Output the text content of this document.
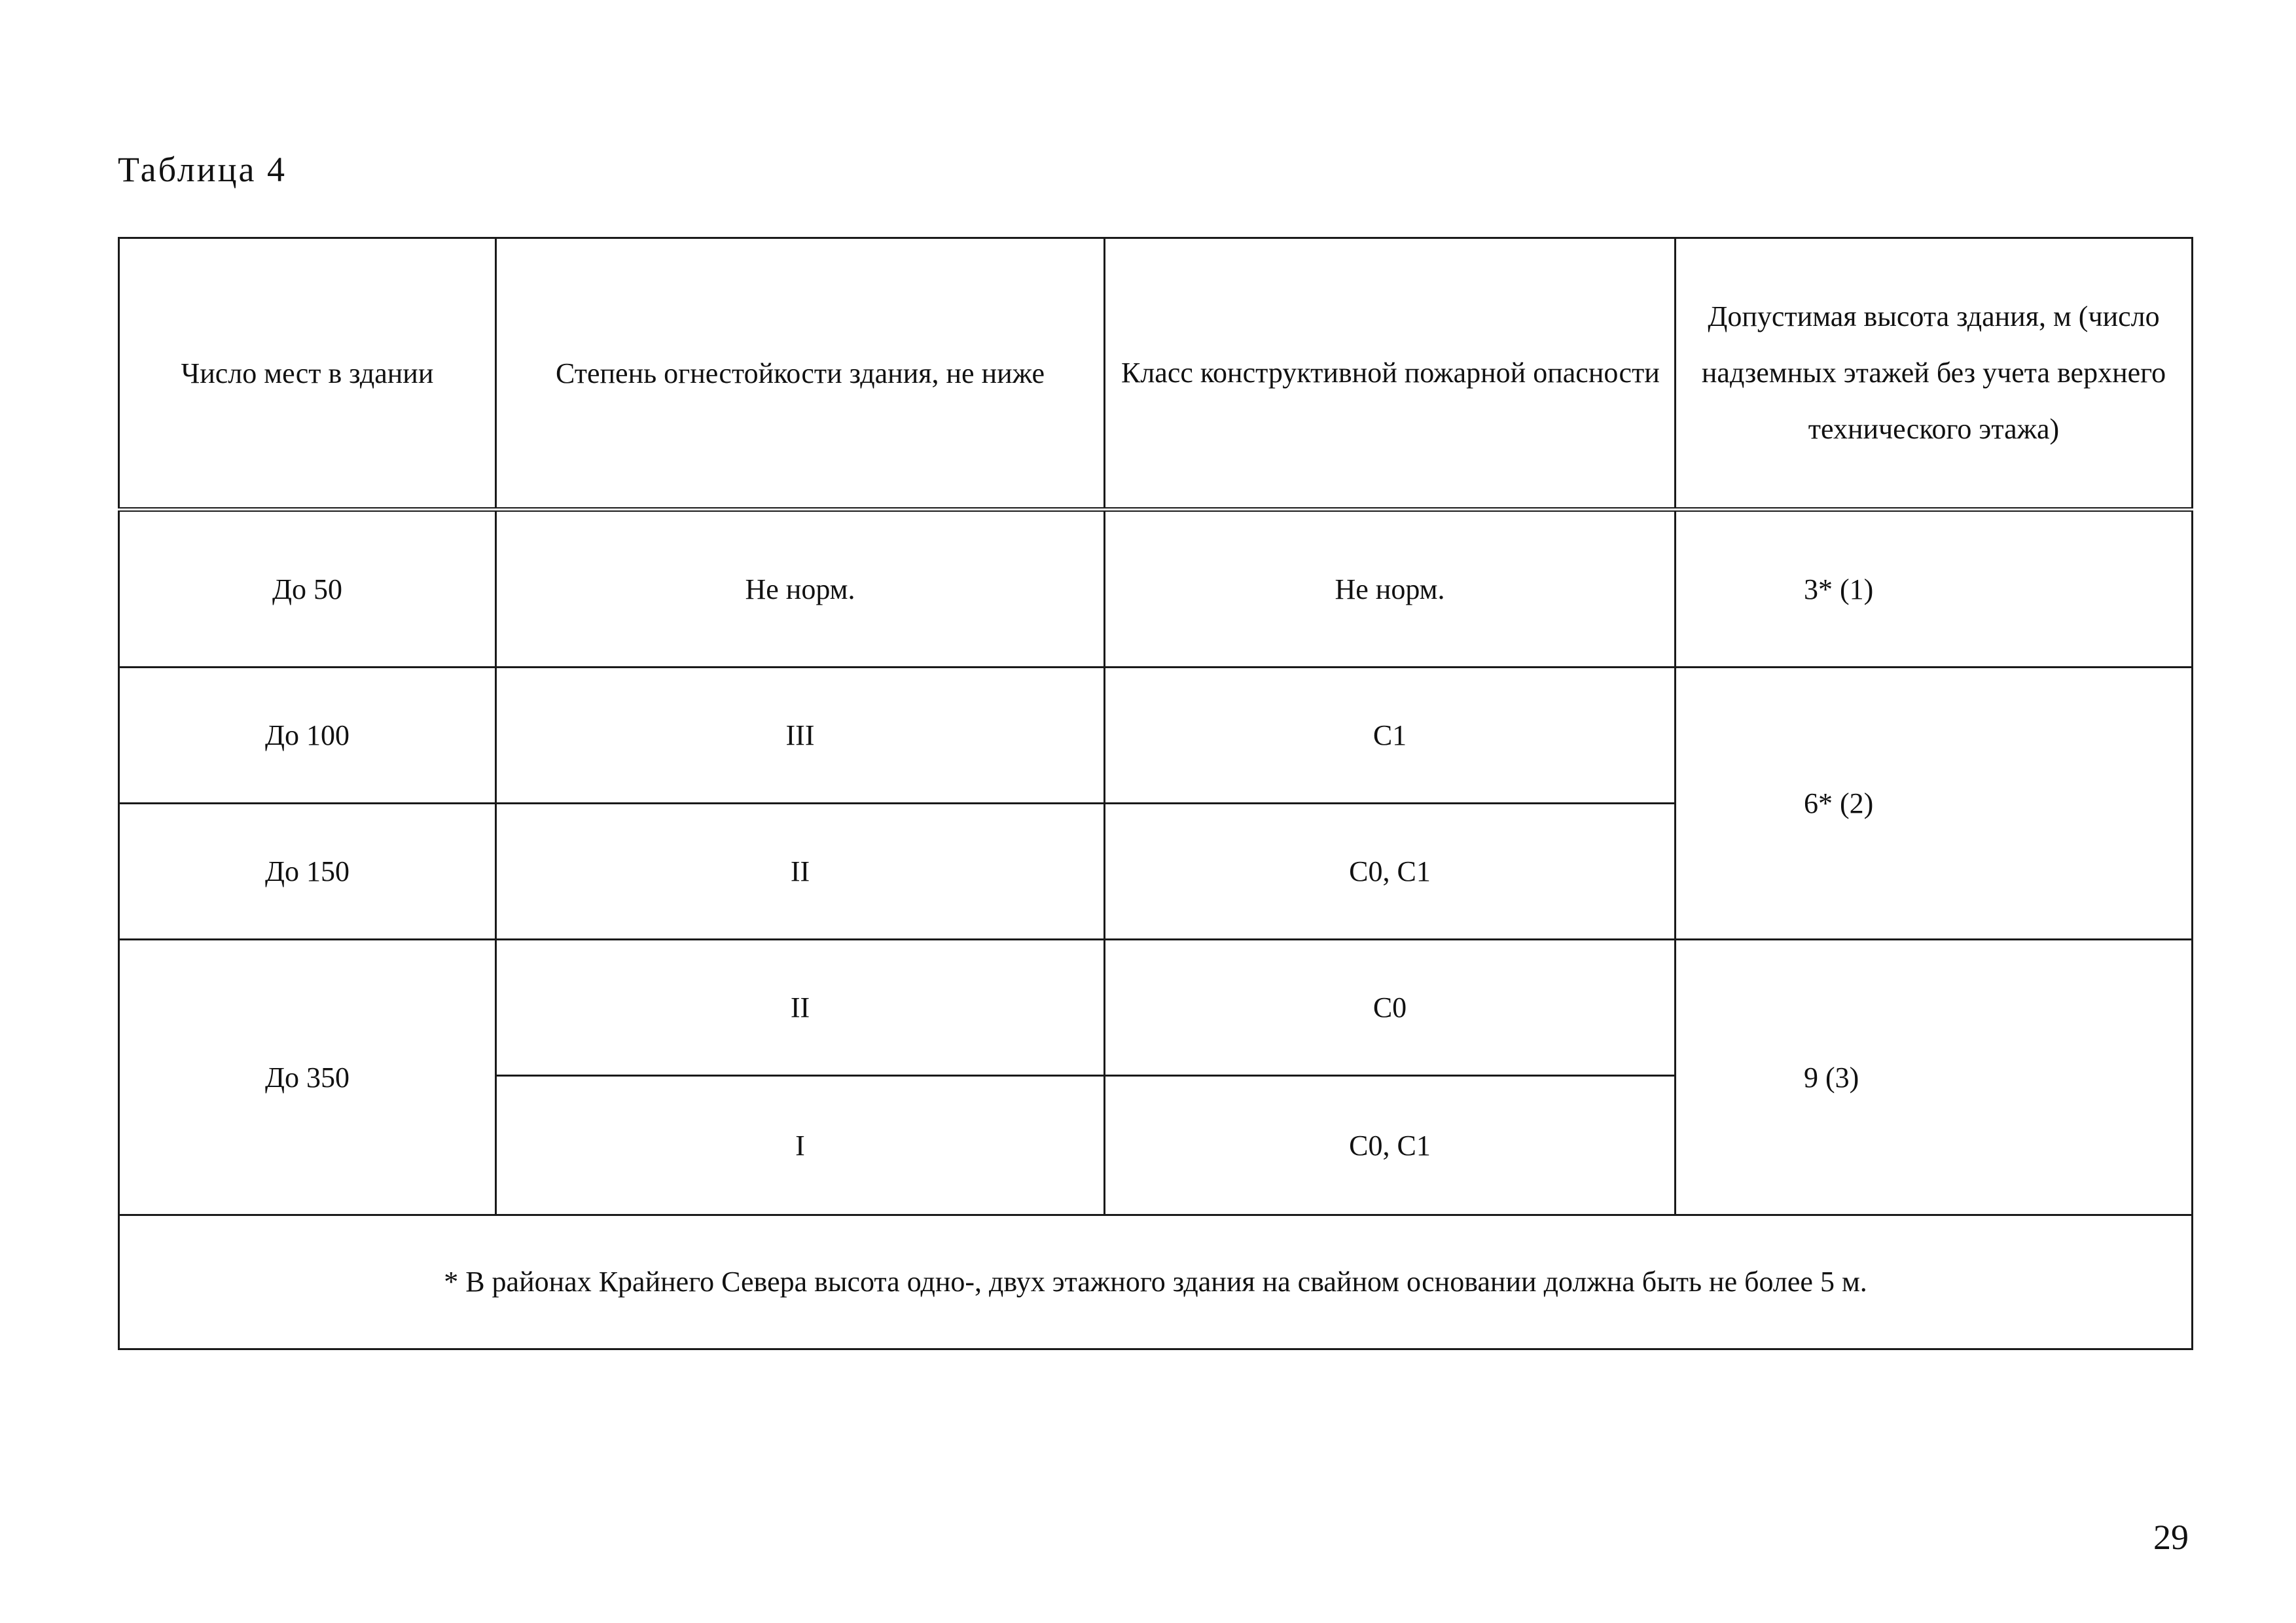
Таблица 4
Число мест в здании	Степень огнестойкости здания, не ниже	Класс конструктивной пожарной опасности	Допустимая высота здания, м (число надземных этажей без учета верхнего технического этажа)
До 50	Не норм.	Не норм.	3* (1)
До 100	III	С1	6* (2)
До 150	II	С0, С1	
До 350	II	С0	9 (3)
	I	С0, С1	
* В районах Крайнего Севера высота одно-, двух этажного здания на свайном основании должна быть не более 5 м.			
29
